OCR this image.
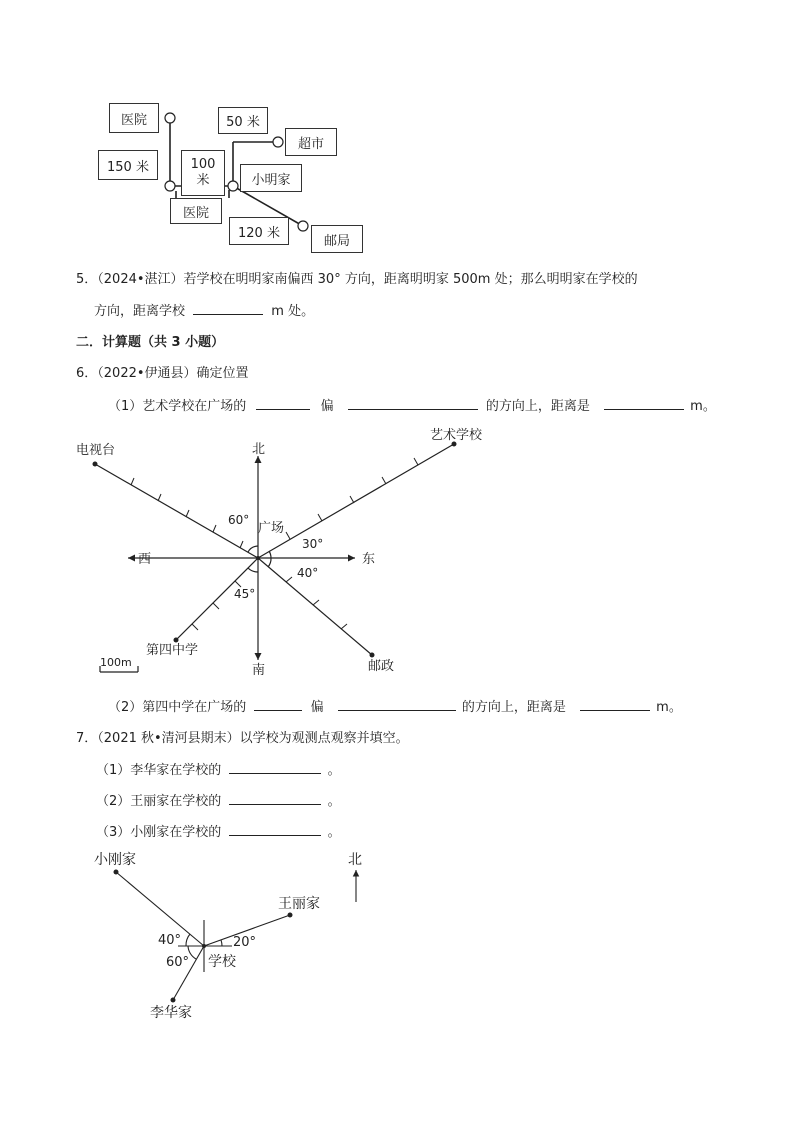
医院
150 米	100
米
医院
50 米
超市
小明家
120 米
邮局
5．（2024•湛江）若学校在明明家南偏西 30° 方向，距离明明家 500m 处；那么明明家在学校的
方向，距离学校	m 处。
二．计算题（共 3 小题）
6．（2022•伊通县）确定位置
（1）艺术学校在广场的	偏	的方向上，距离是	m。
北
南
东
西
电视台
艺术学校
广场
第四中学
邮政
60°
30°
40°
45°
100m
（2）第四中学在广场的	偏	的方向上，距离是	m。
7．（2021 秋•清河县期末）以学校为观测点观察并填空。
（1）李华家在学校的	。
（2）王丽家在学校的	。
（3）小刚家在学校的	。
北
小刚家
王丽家
学校
李华家
40°	20°
60°
